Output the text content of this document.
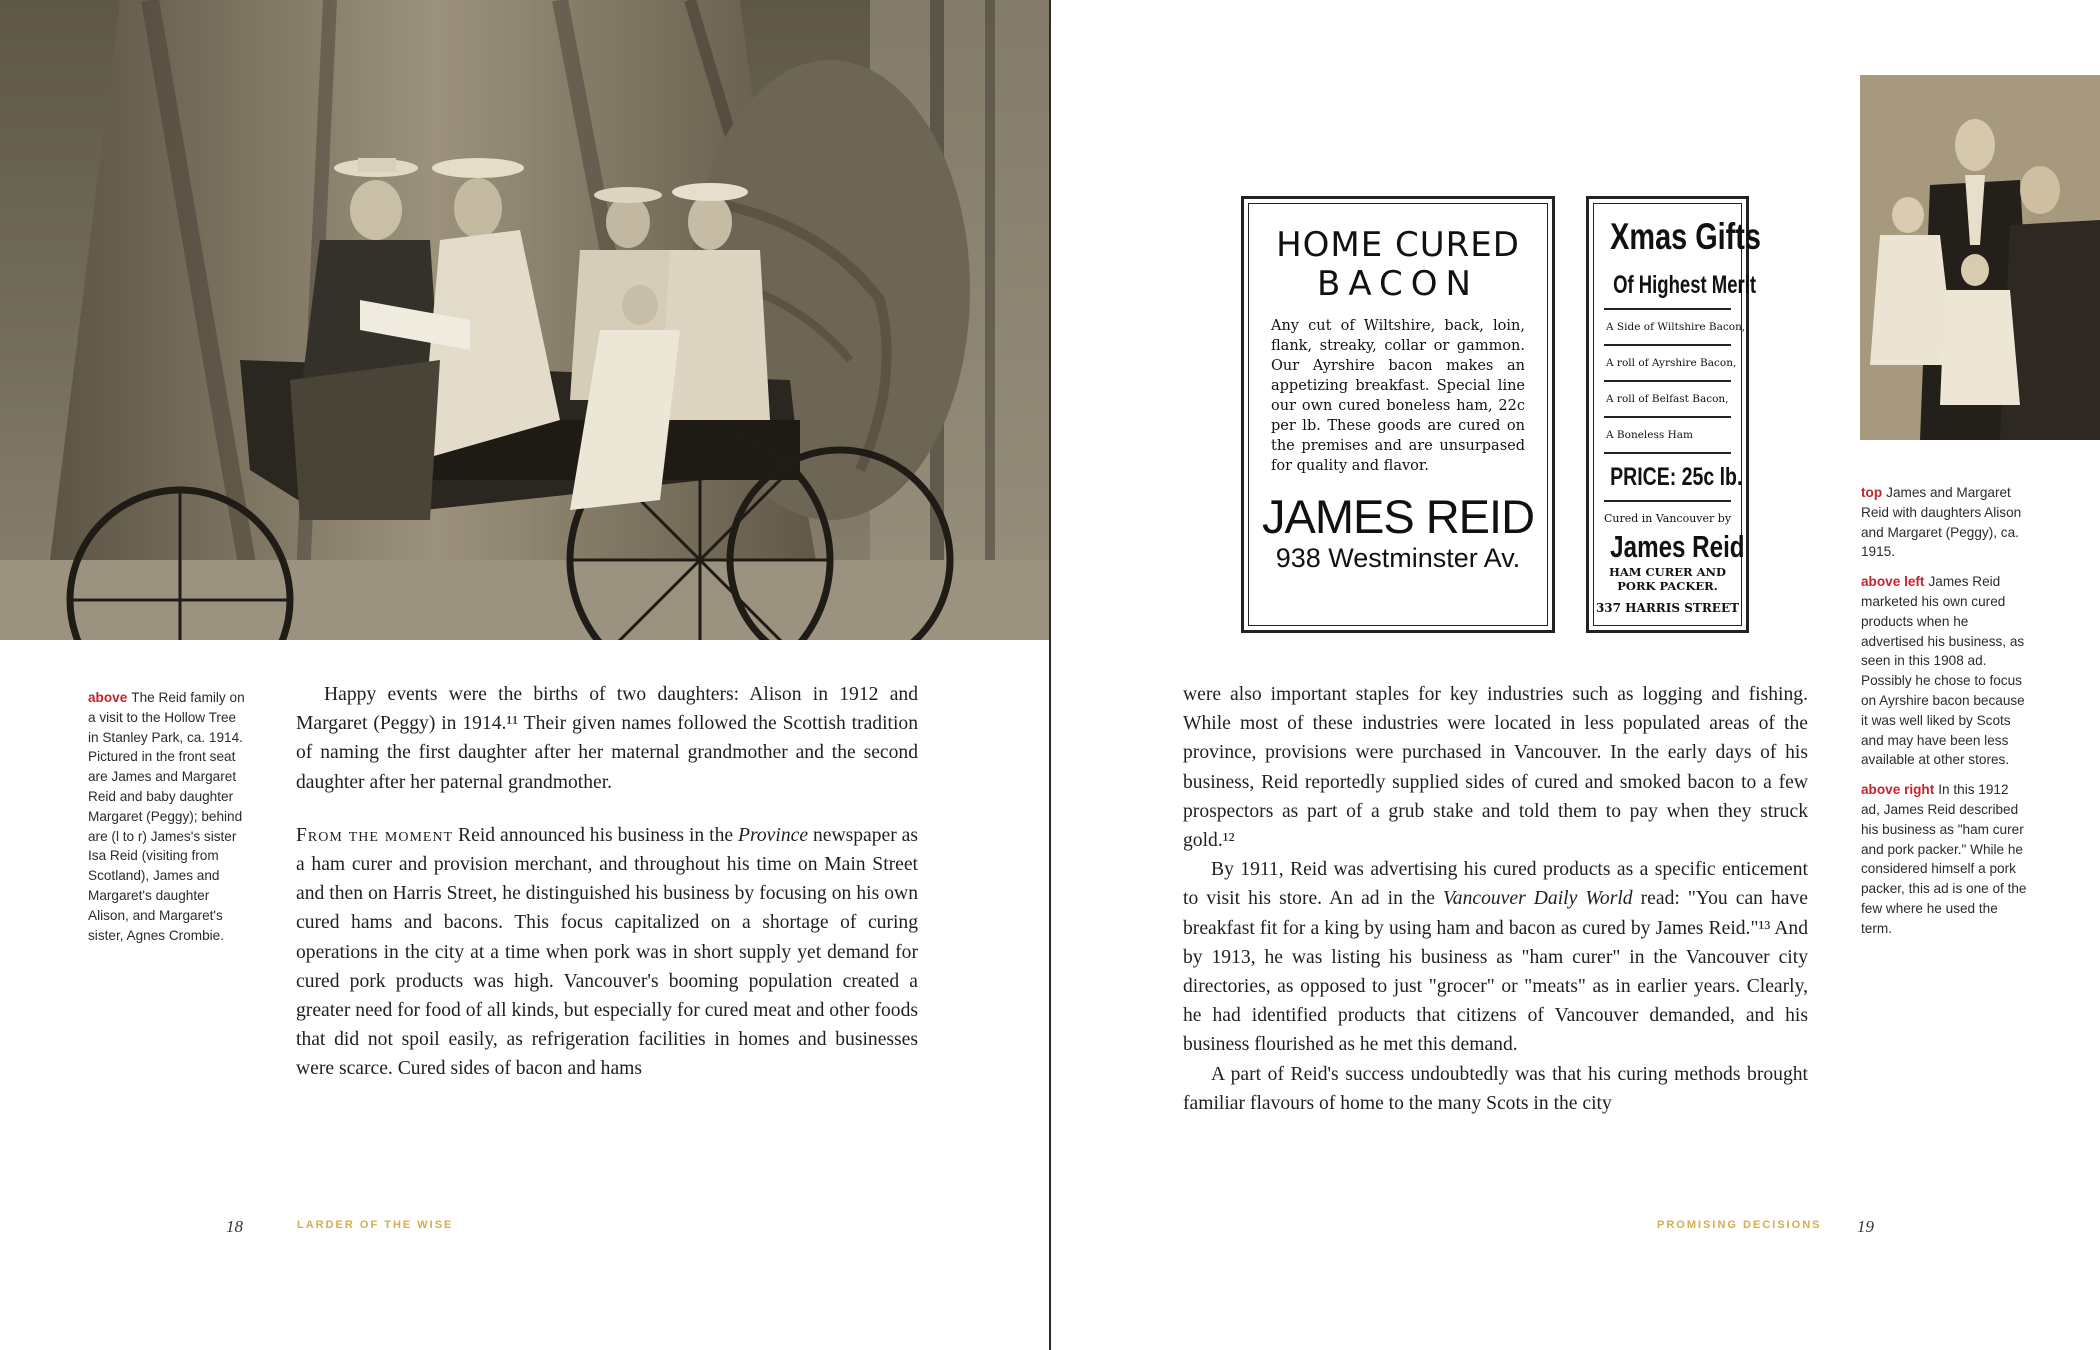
above The Reid family on a visit to the Hollow Tree in Stanley Park, ca. 1914. Pictured in the front seat are James and Margaret Reid and baby daughter Margaret (Peggy); behind are (l to r) James's sister Isa Reid (visiting from Scotland), James and Margaret's daughter Alison, and Margaret's sister, Agnes Crombie.

Happy events were the births of two daughters: Alison in 1912 and Margaret (Peggy) in 1914.¹¹ Their given names followed the Scottish tradition of naming the first daughter after her maternal grandmother and the second daughter after her paternal grandmother.

From the moment Reid announced his business in the Province newspaper as a ham curer and provision merchant, and throughout his time on Main Street and then on Harris Street, he distinguished his business by focusing on his own cured hams and bacons. This focus capitalized on a shortage of curing operations in the city at a time when pork was in short supply yet demand for cured pork products was high. Vancouver's booming population created a greater need for food of all kinds, but especially for cured meat and other foods that did not spoil easily, as refrigeration facilities in homes and businesses were scarce. Cured sides of bacon and hams

18	LARDER OF THE WISE
HOME CURED
BACON
Any cut of Wiltshire, back, loin, flank, streaky, collar or gammon. Our Ayrshire bacon makes an appetizing breakfast. Special line our own cured boneless ham, 22c per lb. These goods are cured on the premises and are unsurpased for quality and flavor.
JAMES REID
938 Westminster Av.
Xmas Gifts
Of Highest Merit
A Side of Wiltshire Bacon,
A roll of Ayrshire Bacon,
A roll of Belfast Bacon,
A Boneless Ham
PRICE: 25c lb.
Cured in Vancouver by
James Reid
HAM CURER AND PORK PACKER.
337 HARRIS STREET

top James and Margaret Reid with daughters Alison and Margaret (Peggy), ca. 1915.

above left James Reid marketed his own cured products when he advertised his business, as seen in this 1908 ad. Possibly he chose to focus on Ayrshire bacon because it was well liked by Scots and may have been less available at other stores.

above right In this 1912 ad, James Reid described his business as "ham curer and pork packer." While he considered himself a pork packer, this ad is one of the few where he used the term.

were also important staples for key industries such as logging and fishing. While most of these industries were located in less populated areas of the province, provisions were purchased in Vancouver. In the early days of his business, Reid reportedly supplied sides of cured and smoked bacon to a few prospectors as part of a grub stake and told them to pay when they struck gold.¹²

By 1911, Reid was advertising his cured products as a specific enticement to visit his store. An ad in the Vancouver Daily World read: "You can have breakfast fit for a king by using ham and bacon as cured by James Reid."¹³ And by 1913, he was listing his business as "ham curer" in the Vancouver city directories, as opposed to just "grocer" or "meats" as in earlier years. Clearly, he had identified products that citizens of Vancouver demanded, and his business flourished as he met this demand.

A part of Reid's success undoubtedly was that his curing methods brought familiar flavours of home to the many Scots in the city

PROMISING DECISIONS 19
